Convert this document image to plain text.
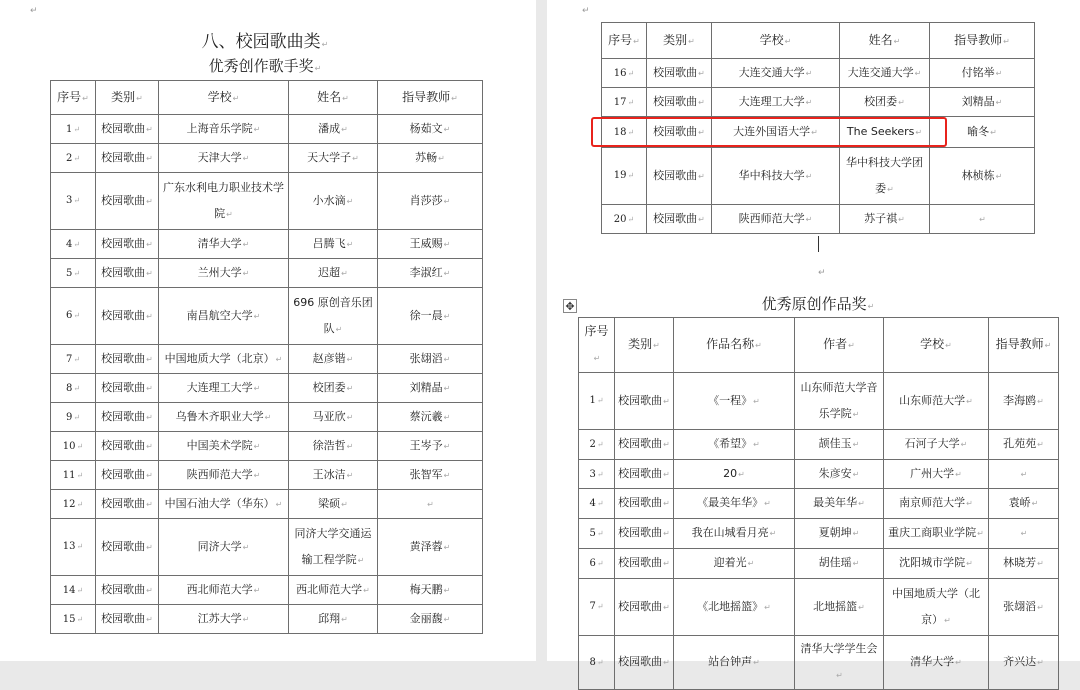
↵	↵
↵
八、校园歌曲类 ↵
优秀创作歌手奖 ↵
序号 ↵	类别 ↵	学校 ↵	姓名 ↵	指导教师 ↵
1 ↵	校园歌曲 ↵	上海音乐学院 ↵	潘成 ↵	杨茹文 ↵
2 ↵	校园歌曲 ↵	天津大学 ↵	天大学子 ↵	苏畅 ↵
3 ↵	校园歌曲 ↵	广东水利电力职业技术学院 ↵	小水滴 ↵	肖莎莎 ↵
4 ↵	校园歌曲 ↵	清华大学 ↵	吕腾飞 ↵	王威赐 ↵
5 ↵	校园歌曲 ↵	兰州大学 ↵	迟超 ↵	李淑红 ↵
6 ↵	校园歌曲 ↵	南昌航空大学 ↵	696 原创音乐团队 ↵	徐一晨 ↵
7 ↵	校园歌曲 ↵	中国地质大学（北京） ↵	赵彦锴 ↵	张翃滔 ↵
8 ↵	校园歌曲 ↵	大连理工大学 ↵	校团委 ↵	刘精晶 ↵
9 ↵	校园歌曲 ↵	乌鲁木齐职业大学 ↵	马亚欣 ↵	蔡沅羲 ↵
10 ↵	校园歌曲 ↵	中国美术学院 ↵	徐浩哲 ↵	王岑予 ↵
11 ↵	校园歌曲 ↵	陕西师范大学 ↵	王冰洁 ↵	张智军 ↵
12 ↵	校园歌曲 ↵	中国石油大学（华东） ↵	梁硕 ↵	↵
13 ↵	校园歌曲 ↵	同济大学 ↵	同济大学交通运输工程学院 ↵	黄泽蓉 ↵
14 ↵	校园歌曲 ↵	西北师范大学 ↵	西北师范大学 ↵	梅天鹏 ↵
15 ↵	校园歌曲 ↵	江苏大学 ↵	邱翔 ↵	金丽馥 ↵
序号 ↵	类别 ↵	学校 ↵	姓名 ↵	指导教师 ↵
16 ↵	校园歌曲 ↵	大连交通大学 ↵	大连交通大学 ↵	付铭举 ↵
17 ↵	校园歌曲 ↵	大连理工大学 ↵	校团委 ↵	刘精晶 ↵
18 ↵	校园歌曲 ↵	大连外国语大学 ↵	The Seekers ↵	喻冬 ↵
19 ↵	校园歌曲 ↵	华中科技大学 ↵	华中科技大学团委 ↵	林桢栋 ↵
20 ↵	校园歌曲 ↵	陕西师范大学 ↵	苏子祺 ↵	↵
✥	优秀原创作品奖 ↵
序号 ↵	类别 ↵	作品名称 ↵	作者 ↵	学校 ↵	指导教师 ↵
1 ↵	校园歌曲 ↵	《一程》 ↵	山东师范大学音乐学院 ↵	山东师范大学 ↵	李海鸥 ↵
2 ↵	校园歌曲 ↵	《希望》 ↵	颉佳玉 ↵	石河子大学 ↵	孔苑苑 ↵
3 ↵	校园歌曲 ↵	20 ↵	朱彦安 ↵	广州大学 ↵	↵
4 ↵	校园歌曲 ↵	《最美年华》 ↵	最美年华 ↵	南京师范大学 ↵	袁峤 ↵
5 ↵	校园歌曲 ↵	我在山城看月亮 ↵	夏朝坤 ↵	重庆工商职业学院 ↵	↵
6 ↵	校园歌曲 ↵	迎着光 ↵	胡佳瑶 ↵	沈阳城市学院 ↵	林晓芳 ↵
7 ↵	校园歌曲 ↵	《北地摇篮》 ↵	北地摇篮 ↵	中国地质大学（北京） ↵	张翃滔 ↵
8 ↵	校园歌曲 ↵	站台钟声 ↵	清华大学学生会 ↵	清华大学 ↵	齐兴达 ↵
